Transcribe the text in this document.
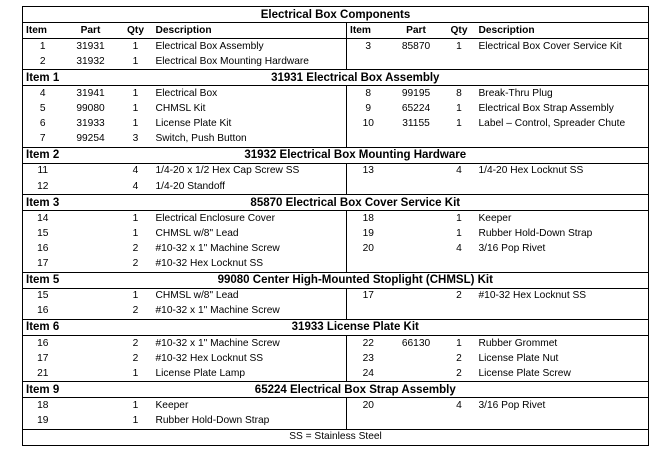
Electrical Box Components							
Item	Part	Qty	Description	Item	Part	Qty	Description
1	31931	1	Electrical Box Assembly	3	85870	1	Electrical Box Cover Service Kit
2	31932	1	Electrical Box Mounting Hardware				
Item 1	31931 Electrical Box Assembly						
4	31941	1	Electrical Box	8	99195	8	Break-Thru Plug
5	99080	1	CHMSL Kit	9	65224	1	Electrical Box Strap Assembly
6	31933	1	License Plate Kit	10	31155	1	Label – Control, Spreader Chute
7	99254	3	Switch, Push Button				
Item 2	31932 Electrical Box Mounting Hardware						
11		4	1/4-20 x 1/2 Hex Cap Screw SS	13		4	1/4-20 Hex Locknut SS
12		4	1/4-20 Standoff				
Item 3	85870 Electrical Box Cover Service Kit						
14		1	Electrical Enclosure Cover	18		1	Keeper
15		1	CHMSL w/8" Lead	19		1	Rubber Hold-Down Strap
16		2	#10-32 x 1" Machine Screw	20		4	3/16 Pop Rivet
17		2	#10-32 Hex Locknut SS				
Item 5	99080 Center High-Mounted Stoplight (CHMSL) Kit						
15		1	CHMSL w/8" Lead	17		2	#10-32 Hex Locknut SS
16		2	#10-32 x 1" Machine Screw				
Item 6	31933 License Plate Kit						
16		2	#10-32 x 1" Machine Screw	22	66130	1	Rubber Grommet
17		2	#10-32 Hex Locknut SS	23		2	License Plate Nut
21		1	License Plate Lamp	24		2	License Plate Screw
Item 9	65224 Electrical Box Strap Assembly						
18		1	Keeper	20		4	3/16 Pop Rivet
19		1	Rubber Hold-Down Strap				
SS = Stainless Steel							
